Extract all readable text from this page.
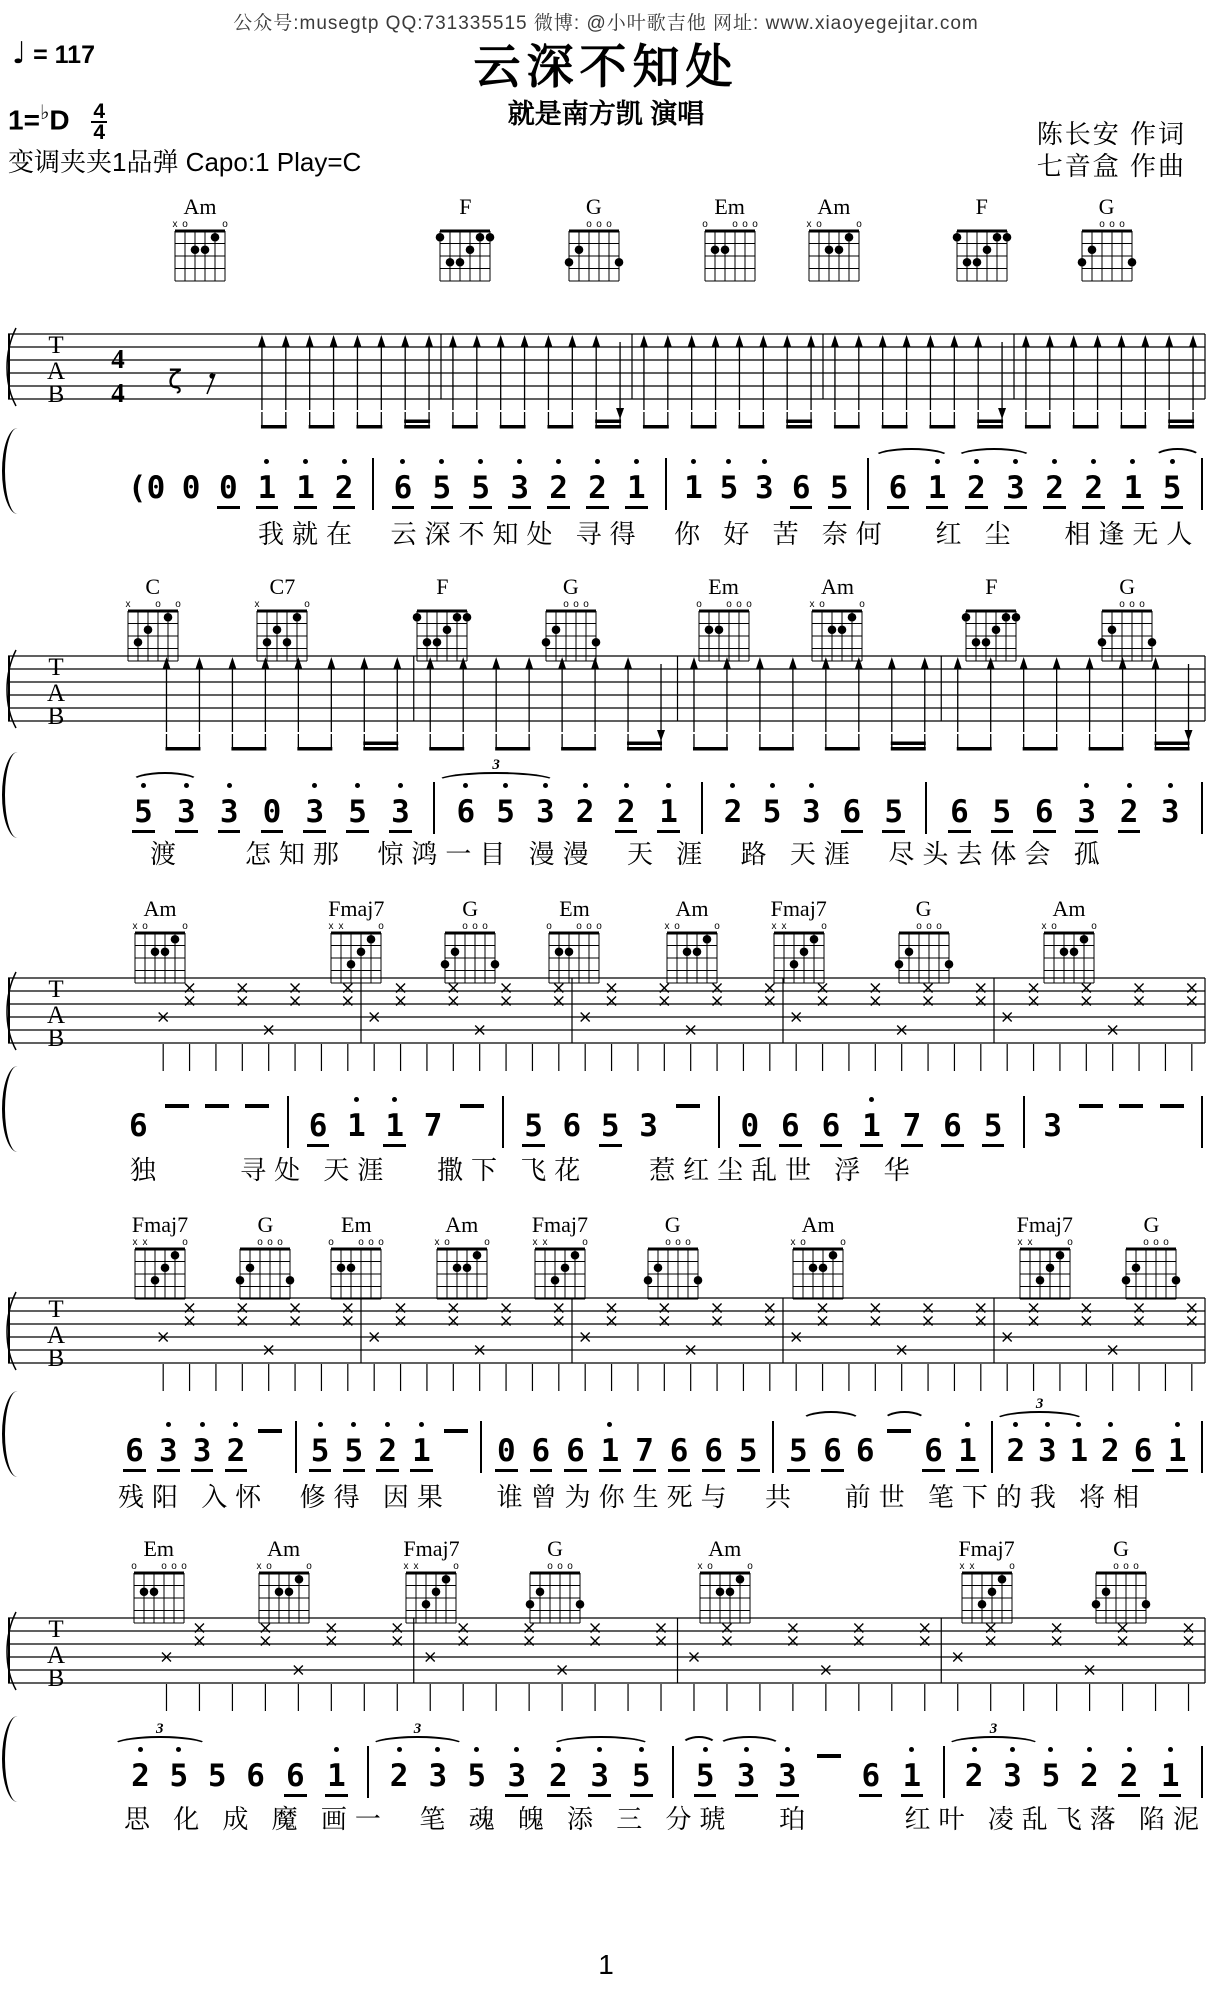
公众号:musegtp QQ:731335515 微博: @小叶歌吉他 网址: www.xiaoyegejitar.com
♩ = 117	云深不知处
就是南方凯 演唱
$1=^♭D \frac{4}{4}$
变调夹夹1品弹 Capo:1 Play=C
陈长安 作词
七音盒 作曲
Am
x o	o
F	G
o o o
Em
o o o o
Am
x o	o
F	G
o o o
T
A
B
4
4 ζ
(0 0 0 1 1 2 6 5 5 3 2 2 1 1 5 3 6 5 6 1 2 3 2 2 1 5
我就在  云深不知处 寻得  你 好 苦 奈何   红 尘   相逢无人
C
x o o
C7
x	o
F	G
o o o
Em
o o o o
Am
x o	o
F	G
o o o
T
A
B
5 3 3 0 3 5 3
3
6 5 3 2 2 1 2 5 3 6 5 6 5 6 3 2 3
渡    怎知那  惊鸿一目 漫漫  天 涯  路 天涯  尽头去体会 孤
Am
x o	o
Fmaj7
x x	o
G
o o o
Em
o o o o
Am
x o	o
Fmaj7
x x	o
G
o o o
Am
x o	o
T
A
B
6	6 1 1 7	5 6 5 3	0 6 6 1 7 6 5 3
独     寻处 天涯   撒下 飞花    惹红尘乱世 浮 华
Fmaj7
x x	o
G
o o o
Em
o o o o
Am
x o	o
Fmaj7
x x	o
G
o o o
Am
x o	o
Fmaj7
x x	o
G
o o o
T
A
B
6 3 3 2 5 5 2 1 0 6 6 1 7 6 6 5 5 6 6 6 1
3
2 3 1 2 6 1
残阳 入怀  修得 因果   谁曾为你生死与  共   前世 笔下的我 将相
Em
o o o o
Am
x o	o
Fmaj7
x x	o
G
o o o
Am
x o	o
Fmaj7
x x	o
G
o o o
T
A
B
3
2 5 5 6 6 1
3
2 3 5 3 2 3 5 5 3 3 6 1
3
2 3 5 2 2 1
思 化 成 魔 画一  笔 魂 魄 添 三 分琥   珀      红叶 凌乱飞落 陷泥
1
